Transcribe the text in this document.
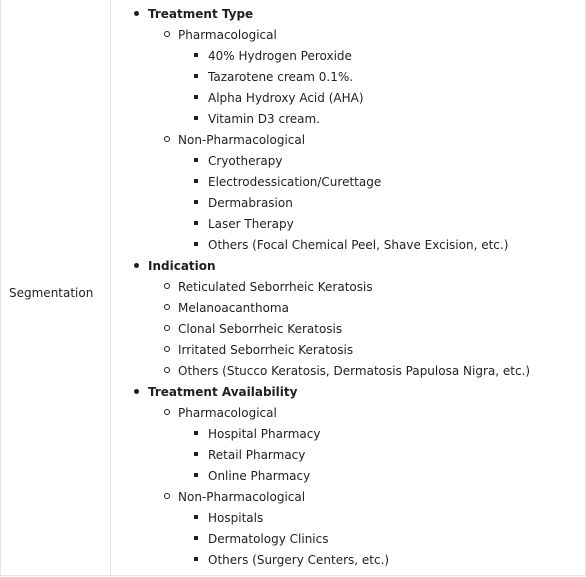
Segmentation
Treatment Type
Pharmacological
40% Hydrogen Peroxide
Tazarotene cream 0.1%.
Alpha Hydroxy Acid (AHA)
Vitamin D3 cream.
Non-Pharmacological
Cryotherapy
Electrodessication/Curettage
Dermabrasion
Laser Therapy
Others (Focal Chemical Peel, Shave Excision, etc.)
Indication
Reticulated Seborrheic Keratosis
Melanoacanthoma
Clonal Seborrheic Keratosis
Irritated Seborrheic Keratosis
Others (Stucco Keratosis, Dermatosis Papulosa Nigra, etc.)
Treatment Availability
Pharmacological
Hospital Pharmacy
Retail Pharmacy
Online Pharmacy
Non-Pharmacological
Hospitals
Dermatology Clinics
Others (Surgery Centers, etc.)
